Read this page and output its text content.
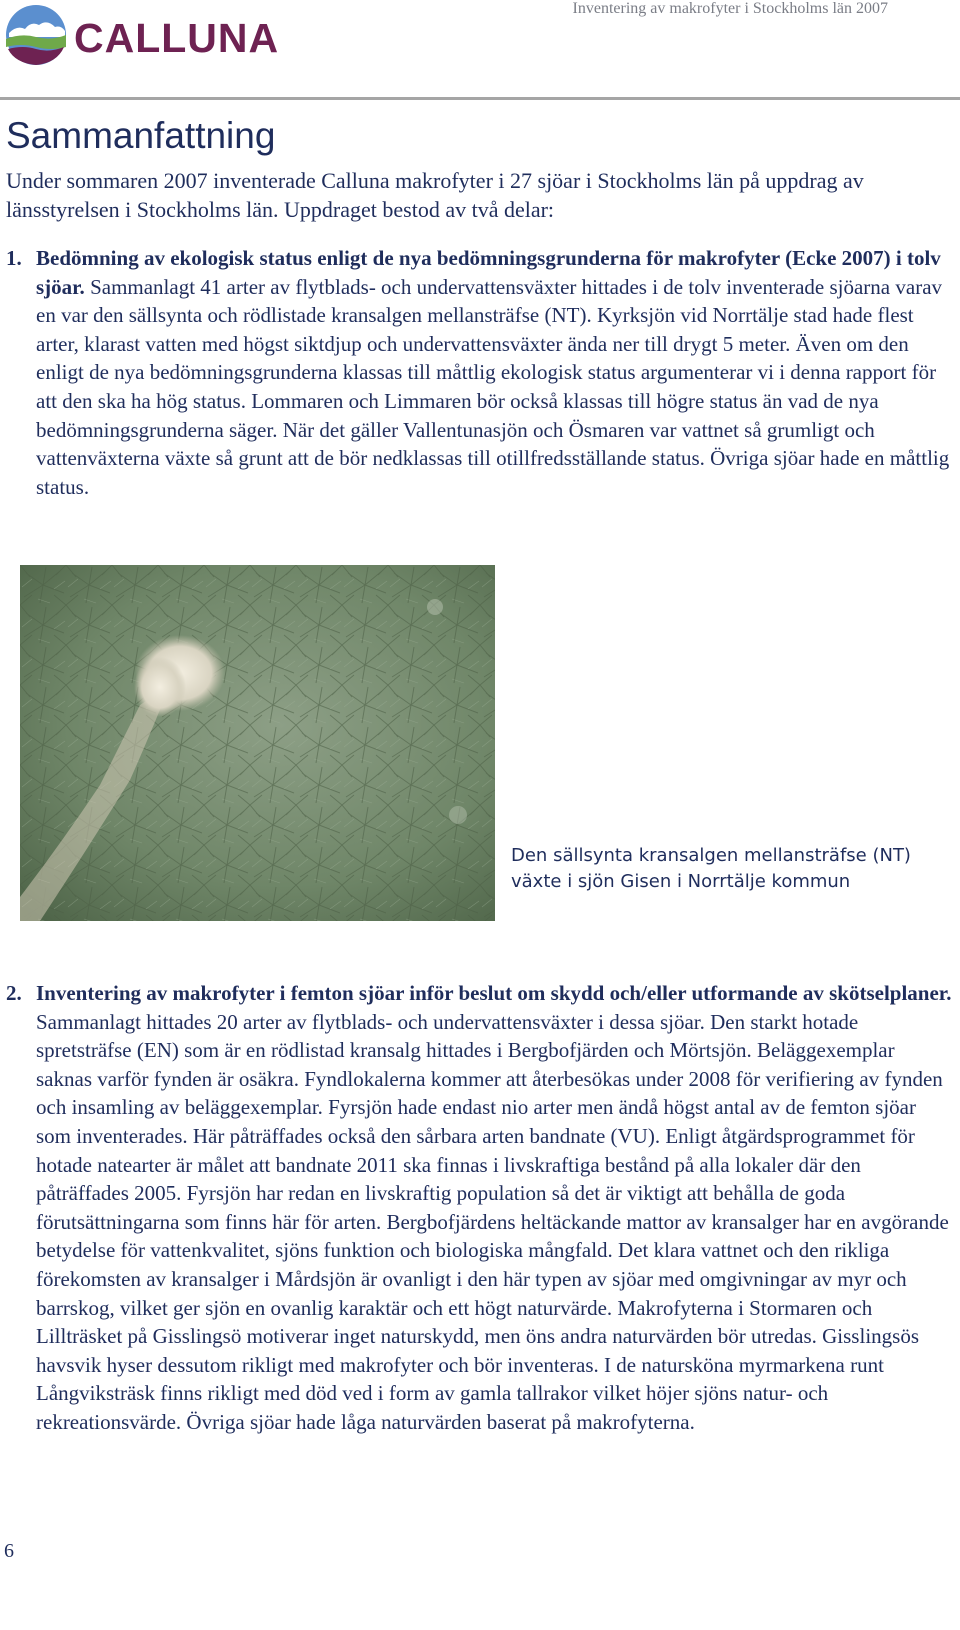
CALLUNA
Inventering av makrofyter i Stockholms län 2007
Sammanfattning

Under sommaren 2007 inventerade Calluna makrofyter i 27 sjöar i Stockholms län på uppdrag av länsstyrelsen i Stockholms län. Uppdraget bestod av två delar:

1. Bedömning av ekologisk status enligt de nya bedömningsgrunderna för makrofyter (Ecke 2007) i tolv sjöar. Sammanlagt 41 arter av flytblads- och undervattensväxter hittades i de tolv inventerade sjöarna varav en var den sällsynta och rödlistade kransalgen mellansträfse (NT). Kyrksjön vid Norrtälje stad hade flest arter, klarast vatten med högst siktdjup och undervattensväxter ända ner till drygt 5 meter. Även om den enligt de nya bedömningsgrunderna klassas till måttlig ekologisk status argumenterar vi i denna rapport för att den ska ha hög status. Lommaren och Limmaren bör också klassas till högre status än vad de nya bedömningsgrunderna säger. När det gäller Vallentunasjön och Ösmaren var vattnet så grumligt och vattenväxterna växte så grunt att de bör nedklassas till otillfredsställande status. Övriga sjöar hade en måttlig status.

Den sällsynta kransalgen mellansträfse (NT)
växte i sjön Gisen i Norrtälje kommun
2. Inventering av makrofyter i femton sjöar inför beslut om skydd och/eller utformande av skötselplaner. Sammanlagt hittades 20 arter av flytblads- och undervattensväxter i dessa sjöar. Den starkt hotade spretsträfse (EN) som är en rödlistad kransalg hittades i Bergbofjärden och Mörtsjön. Beläggexemplar saknas varför fynden är osäkra. Fyndlokalerna kommer att återbesökas under 2008 för verifiering av fynden och insamling av beläggexemplar. Fyrsjön hade endast nio arter men ändå högst antal av de femton sjöar som inventerades. Här påträffades också den sårbara arten bandnate (VU). Enligt åtgärdsprogrammet för hotade natearter är målet att bandnate 2011 ska finnas i livskraftiga bestånd på alla lokaler där den påträffades 2005. Fyrsjön har redan en livskraftig population så det är viktigt att behålla de goda förutsättningarna som finns här för arten. Bergbofjärdens heltäckande mattor av kransalger har en avgörande betydelse för vattenkvalitet, sjöns funktion och biologiska mångfald. Det klara vattnet och den rikliga förekomsten av kransalger i Mårdsjön är ovanligt i den här typen av sjöar med omgivningar av myr och barrskog, vilket ger sjön en ovanlig karaktär och ett högt naturvärde. Makrofyterna i Stormaren och Lillträsket på Gisslingsö motiverar inget naturskydd, men öns andra naturvärden bör utredas. Gisslingsös havsvik hyser dessutom rikligt med makrofyter och bör inventeras. I de natursköna myrmarkena runt Långviksträsk finns rikligt med död ved i form av gamla tallrakor vilket höjer sjöns natur- och rekreationsvärde. Övriga sjöar hade låga naturvärden baserat på makrofyterna.

6
